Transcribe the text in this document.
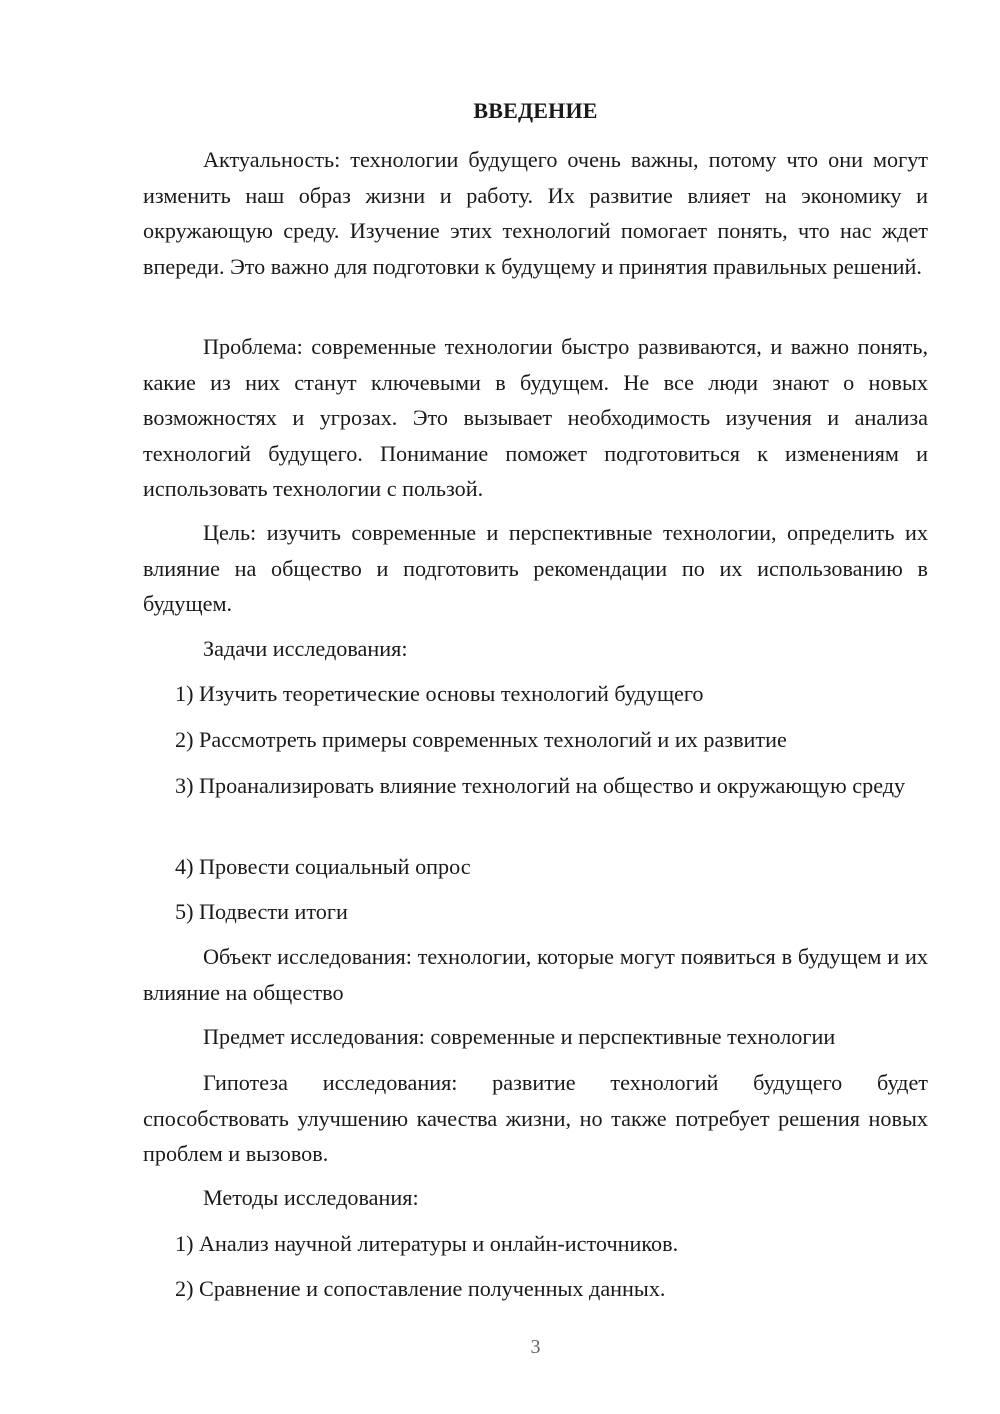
ВВЕДЕНИЕ

Актуальность: технологии будущего очень важны, потому что они могут изменить наш образ жизни и работу. Их развитие влияет на экономику и окружающую среду. Изучение этих технологий помогает понять, что нас ждет впереди. Это важно для подготовки к будущему и принятия правильных решений.

Проблема: современные технологии быстро развиваются, и важно понять, какие из них станут ключевыми в будущем. Не все люди знают о новых возможностях и угрозах. Это вызывает необходимость изучения и анализа технологий будущего. Понимание поможет подготовиться к изменениям и использовать технологии с пользой.

Цель: изучить современные и перспективные технологии, определить их влияние на общество и подготовить рекомендации по их использованию в будущем.

Задачи исследования:

1) Изучить теоретические основы технологий будущего

2) Рассмотреть примеры современных технологий и их развитие

3) Проанализировать влияние технологий на общество и окружающую среду

4) Провести социальный опрос

5) Подвести итоги

Объект исследования: технологии, которые могут появиться в будущем и их влияние на общество

Предмет исследования: современные и перспективные технологии

Гипотеза исследования: развитие технологий будущего будет способствовать улучшению качества жизни, но также потребует решения новых проблем и вызовов.

Методы исследования:

1) Анализ научной литературы и онлайн-источников.

2) Сравнение и сопоставление полученных данных.

3
